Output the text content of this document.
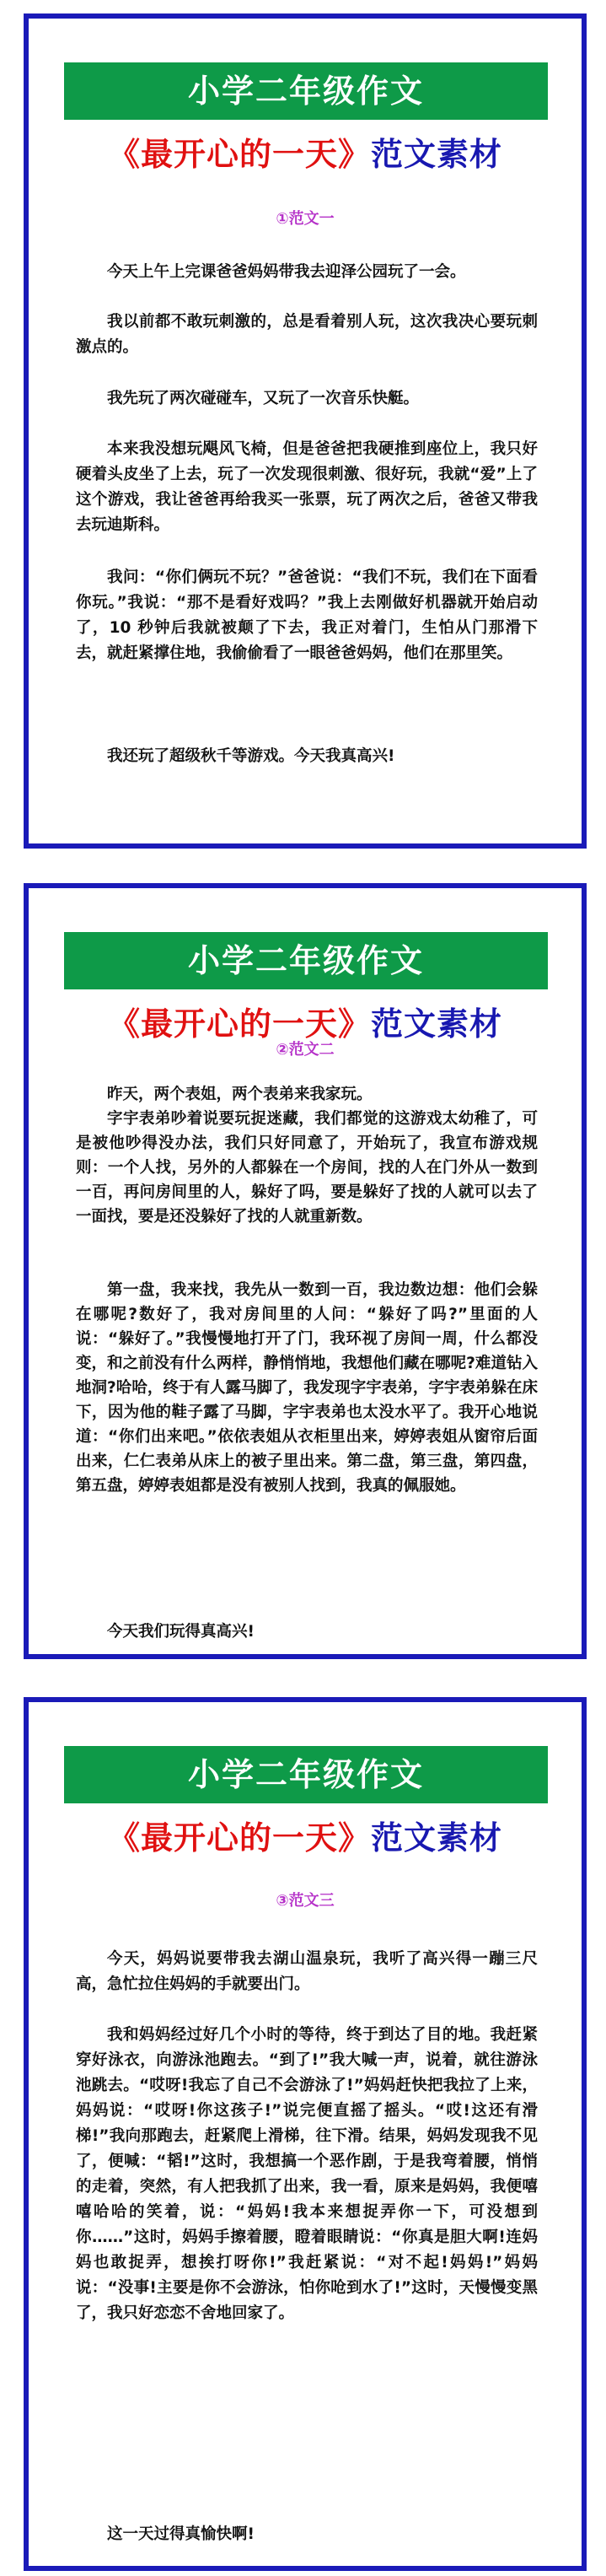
小学二年级作文
《最开心的一天》范文素材
①范文一

今天上午上完课爸爸妈妈带我去迎泽公园玩了一会。

我以前都不敢玩刺激的，总是看着别人玩，这次我决心要玩刺激点的。

我先玩了两次碰碰车，又玩了一次音乐快艇。

本来我没想玩飓风飞椅，但是爸爸把我硬推到座位上，我只好硬着头皮坐了上去，玩了一次发现很刺激、很好玩，我就“爱”上了这个游戏，我让爸爸再给我买一张票，玩了两次之后，爸爸又带我去玩迪斯科。

我问：“你们俩玩不玩？”爸爸说：“我们不玩，我们在下面看你玩。”我说：“那不是看好戏吗？”我上去刚做好机器就开始启动了，10 秒钟后我就被颠了下去，我正对着门，生怕从门那滑下去，就赶紧撑住地，我偷偷看了一眼爸爸妈妈，他们在那里笑。

我还玩了超级秋千等游戏。今天我真高兴!

小学二年级作文
《最开心的一天》范文素材
②范文二

昨天，两个表姐，两个表弟来我家玩。

字宇表弟吵着说要玩捉迷藏，我们都觉的这游戏太幼稚了，可是被他吵得没办法，我们只好同意了，开始玩了，我宣布游戏规则：一个人找，另外的人都躲在一个房间，找的人在门外从一数到一百，再问房间里的人，躲好了吗，要是躲好了找的人就可以去了一面找，要是还没躲好了找的人就重新数。

第一盘，我来找，我先从一数到一百，我边数边想：他们会躲在哪呢?数好了，我对房间里的人问：“躲好了吗?”里面的人说：“躲好了。”我慢慢地打开了门，我环视了房间一周，什么都没变，和之前没有什么两样，静悄悄地，我想他们藏在哪呢?难道钻入地洞?哈哈，终于有人露马脚了，我发现字宇表弟，字宇表弟躲在床下，因为他的鞋子露了马脚，字宇表弟也太没水平了。我开心地说道：“你们出来吧。”依依表姐从衣柜里出来，婷婷表姐从窗帘后面出来，仁仁表弟从床上的被子里出来。第二盘，第三盘，第四盘，第五盘，婷婷表姐都是没有被别人找到，我真的佩服她。

今天我们玩得真高兴!

小学二年级作文
《最开心的一天》范文素材
③范文三

今天，妈妈说要带我去湖山温泉玩，我听了高兴得一蹦三尺高，急忙拉住妈妈的手就要出门。

我和妈妈经过好几个小时的等待，终于到达了目的地。我赶紧穿好泳衣，向游泳池跑去。“到了!”我大喊一声，说着，就往游泳池跳去。“哎呀!我忘了自己不会游泳了!”妈妈赶快把我拉了上来，妈妈说：“哎呀!你这孩子!”说完便直摇了摇头。“哎!这还有滑梯!”我向那跑去，赶紧爬上滑梯，往下滑。结果，妈妈发现我不见了，便喊：“韬!”这时，我想搞一个恶作剧，于是我弯着腰，悄悄的走着，突然，有人把我抓了出来，我一看，原来是妈妈，我便嘻嘻哈哈的笑着，说：“妈妈!我本来想捉弄你一下，可没想到你……”这时，妈妈手擦着腰，瞪着眼睛说：“你真是胆大啊!连妈妈也敢捉弄，想挨打呀你!”我赶紧说：“对不起!妈妈!”妈妈说：“没事!主要是你不会游泳，怕你呛到水了!”这时，天慢慢变黑了，我只好恋恋不舍地回家了。

这一天过得真愉快啊!
